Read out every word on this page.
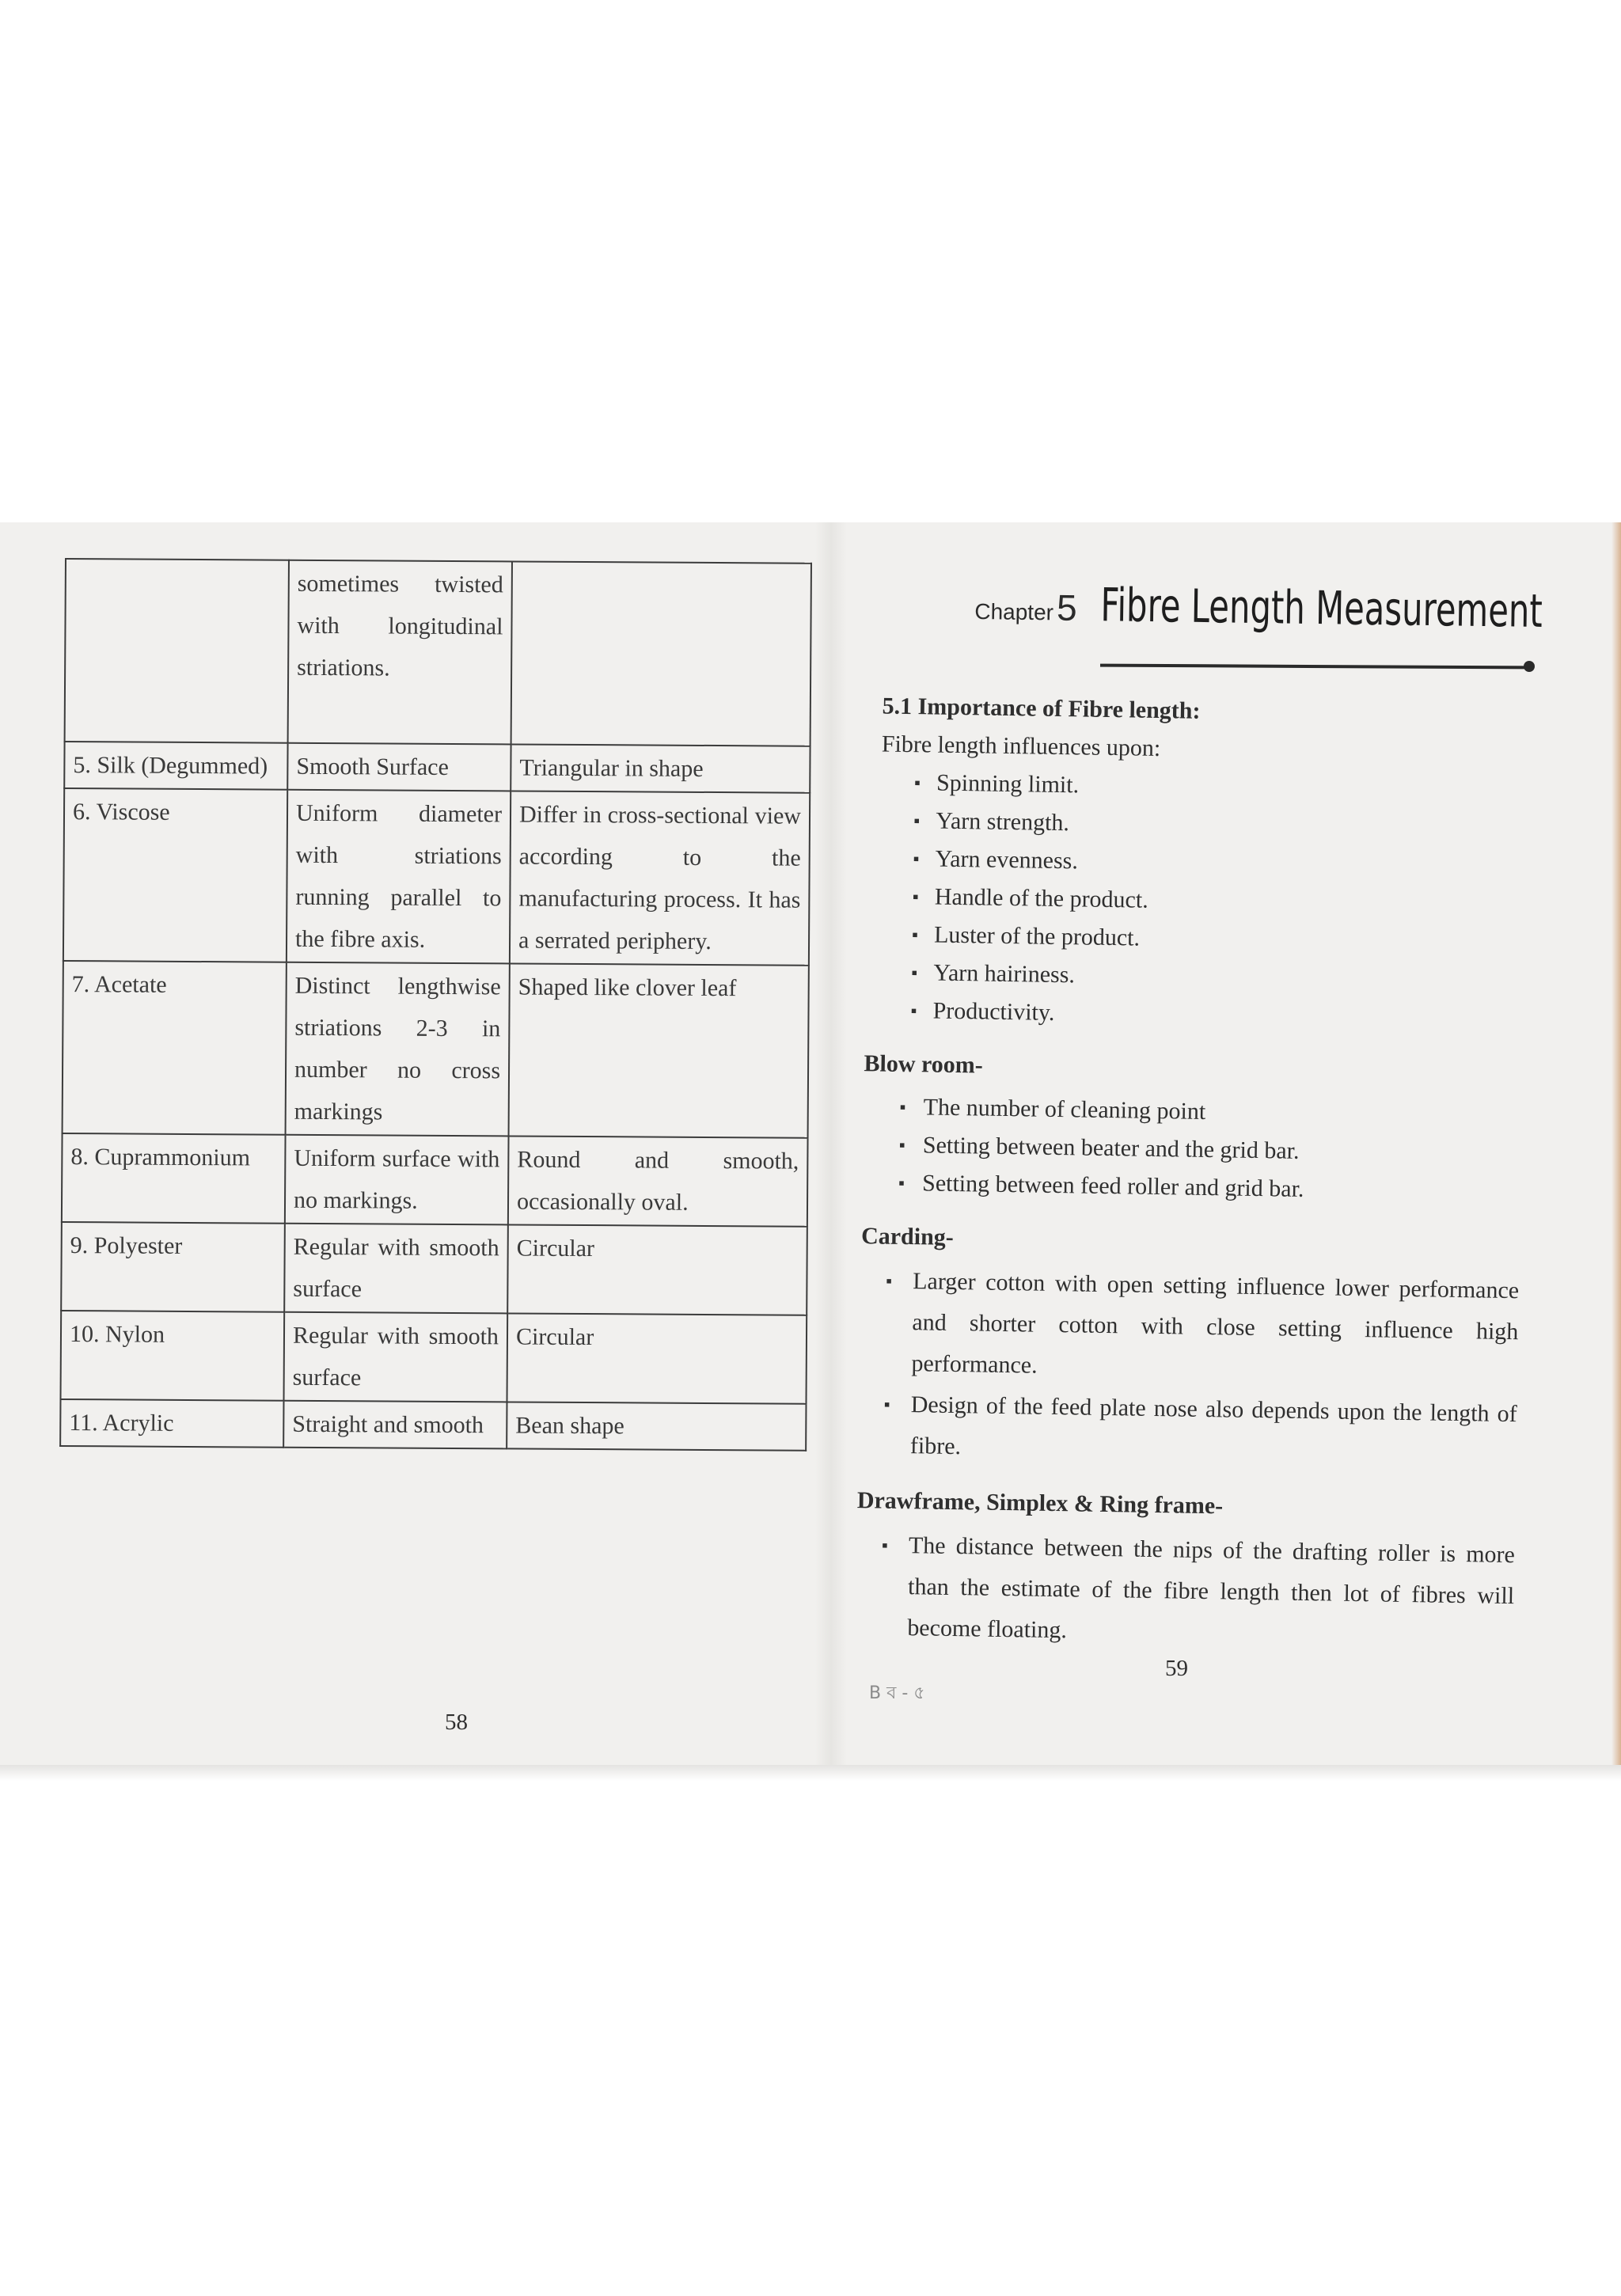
	sometimes twisted with longitudinal striations.	
5. Silk (Degummed)	Smooth Surface	Triangular in shape
6. Viscose	Uniform diameter with striations running parallel to the fibre axis.	Differ in cross-sectional view according to the manufacturing process. It has a serrated periphery.
7. Acetate	Distinct lengthwise striations 2-3 in number no cross markings	Shaped like clover leaf
8. Cuprammonium	Uniform surface with no markings.	Round and smooth, occasionally oval.
9. Polyester	Regular with smooth surface	Circular
10. Nylon	Regular with smooth surface	Circular
11. Acrylic	Straight and smooth	Bean shape
58
Chapter 5 Fibre Length Measurement
5.1 Importance of Fibre length:
Fibre length influences upon:
▪ Spinning limit.
▪ Yarn strength.
▪ Yarn evenness.
▪ Handle of the product.
▪ Luster of the product.
▪ Yarn hairiness.
▪ Productivity.
Blow room-
▪ The number of cleaning point
▪ Setting between beater and the grid bar.
▪ Setting between feed roller and grid bar.
Carding-
▪ Larger cotton with open setting influence lower performance and shorter cotton with close setting influence high performance.
▪ Design of the feed plate nose also depends upon the length of fibre.
Drawframe, Simplex & Ring frame-
▪ The distance between the nips of the drafting roller is more than the estimate of the fibre length then lot of fibres will become floating.
59
B ব - ৫
